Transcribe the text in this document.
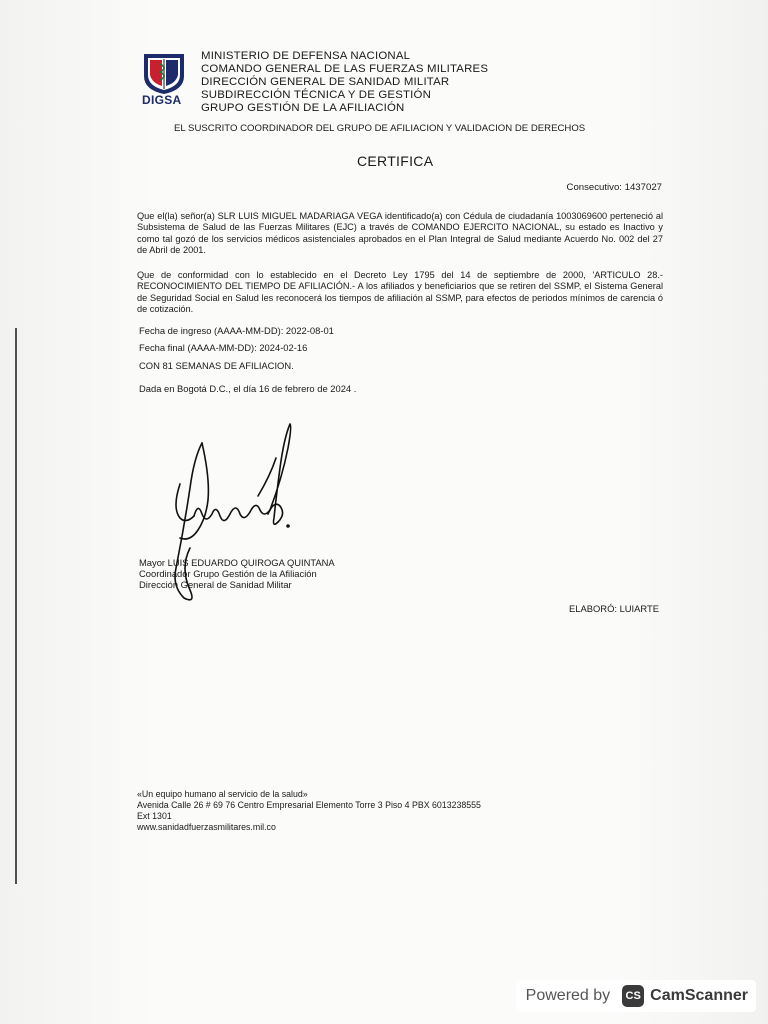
DIGSA
MINISTERIO DE DEFENSA NACIONAL
COMANDO GENERAL DE LAS FUERZAS MILITARES
DIRECCIÓN GENERAL DE SANIDAD MILITAR
SUBDIRECCIÓN TÉCNICA Y DE GESTIÓN
GRUPO GESTIÓN DE LA AFILIACIÓN
EL SUSCRITO COORDINADOR DEL GRUPO DE AFILIACION Y VALIDACION DE DERECHOS
CERTIFICA
Consecutivo: 1437027
Que el(la) señor(a) SLR LUIS MIGUEL MADARIAGA VEGA identificado(a) con Cédula de ciudadanía 1003069600 perteneció al Subsistema de Salud de las Fuerzas Militares (EJC) a través de COMANDO EJERCITO NACIONAL, su estado es Inactivo y como tal gozó de los servicios médicos asistenciales aprobados en el Plan Integral de Salud mediante Acuerdo No. 002 del 27 de Abril de 2001.
Que de conformidad con lo establecido en el Decreto Ley 1795 del 14 de septiembre de 2000, 'ARTICULO 28.- RECONOCIMIENTO DEL TIEMPO DE AFILIACIÓN.- A los afiliados y beneficiarios que se retiren del SSMP, el Sistema General de Seguridad Social en Salud les reconocerá los tiempos de afiliación al SSMP, para efectos de periodos mínimos de carencia ó de cotización.
Fecha de ingreso (AAAA-MM-DD): 2022-08-01
Fecha final (AAAA-MM-DD): 2024-02-16
CON 81 SEMANAS DE AFILIACION.
Dada en Bogotá D.C., el día 16 de febrero de 2024 .
Mayor LUIS EDUARDO QUIROGA QUINTANA
Coordinador Grupo Gestión de la Afiliación
Dirección General de Sanidad Militar
ELABORÓ: LUIARTE
«Un equipo humano al servicio de la salud»
Avenida Calle 26 # 69 76 Centro Empresarial Elemento Torre 3 Piso 4 PBX 6013238555
Ext 1301
www.sanidadfuerzasmilitares.mil.co
Powered by	CS CamScanner
